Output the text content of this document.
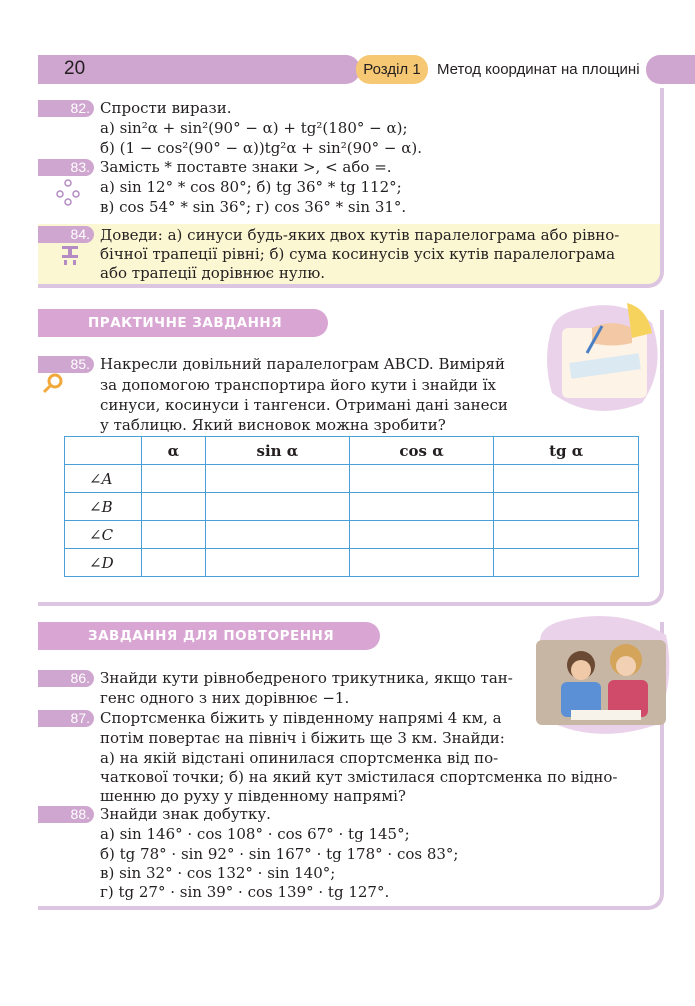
20	Розділ 1	Метод координат на площині
82. Спрости вирази.
а) sin²α + sin²(90° − α) + tg²(180° − α);
б) (1 − cos²(90° − α))tg²α + sin²(90° − α).
83. Замість * поставте знаки >, < або =.
а) sin 12° * cos 80°; б) tg 36° * tg 112°;
в) cos 54° * sin 36°; г) cos 36° * sin 31°.
84. Доведи: а) синуси будь-яких двох кутів паралелограма або рівно-
бічної трапеції рівні; б) сума косинусів усіх кутів паралелограма
або трапеції дорівнює нулю.
ПРАКТИЧНЕ ЗАВДАННЯ
85. Накресли довільний паралелограм ABCD. Виміряй
за допомогою транспортира його кути і знайди їх
синуси, косинуси і тангенси. Отримані дані занеси
у таблицю. Який висновок можна зробити?
	α	sin α	cos α	tg α
∠A				
∠B				
∠C				
∠D				
ЗАВДАННЯ ДЛЯ ПОВТОРЕННЯ
86. Знайди кути рівнобедреного трикутника, якщо тан-
генс одного з них дорівнює −1.
87. Спортсменка біжить у південному напрямі 4 км, а
потім повертає на північ і біжить ще 3 км. Знайди:
а) на якій відстані опинилася спортсменка від по-
чаткової точки; б) на який кут змістилася спортсменка по відно-
шенню до руху у південному напрямі?
88. Знайди знак добутку.
а) sin 146° · cos 108° · cos 67° · tg 145°;
б) tg 78° · sin 92° · sin 167° · tg 178° · cos 83°;
в) sin 32° · cos 132° · sin 140°;
г) tg 27° · sin 39° · cos 139° · tg 127°.
